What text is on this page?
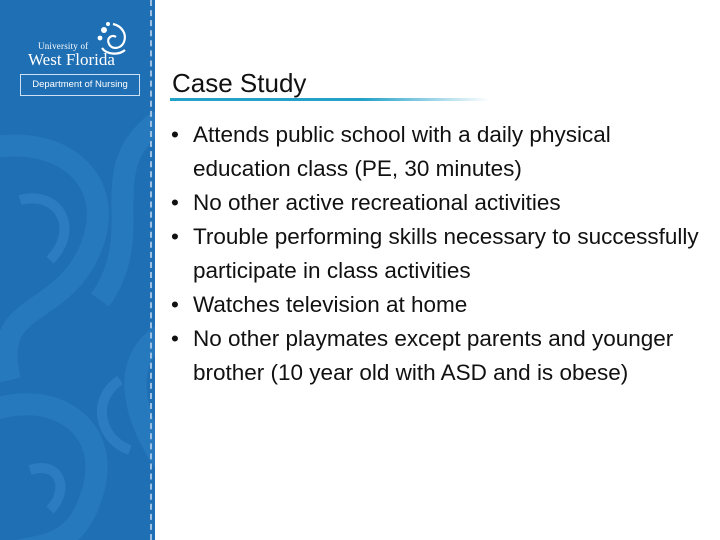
University of
West Florida
Department of Nursing	Case Study
• Attends public school with a daily physical education class (PE, 30 minutes)
• No other active recreational activities
• Trouble performing skills necessary to successfully participate in class activities
• Watches television at home
• No other playmates except parents and younger brother (10 year old with ASD and is obese)
